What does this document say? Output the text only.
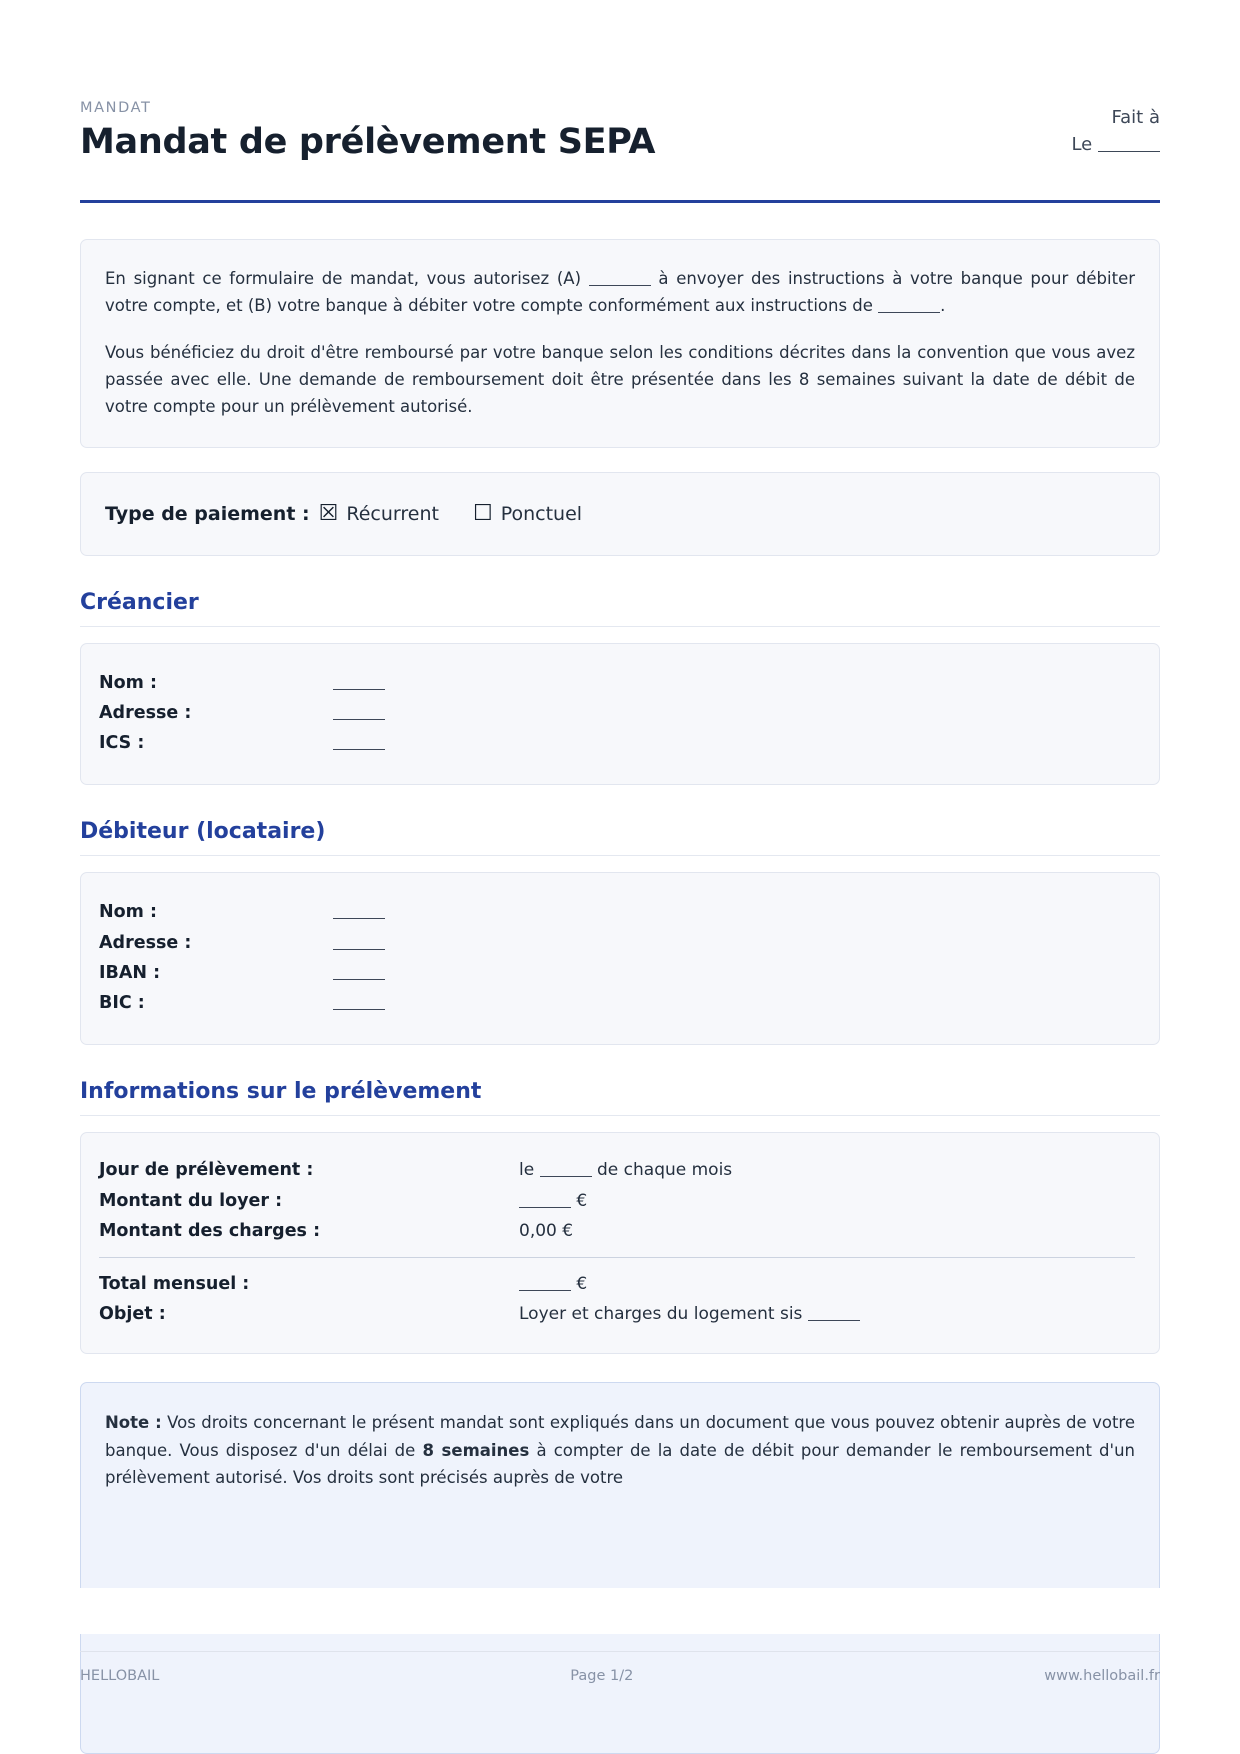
MANDAT
Mandat de prélèvement SEPA
Fait à
Le

En signant ce formulaire de mandat, vous autorisez (A)	à envoyer des instructions à votre banque pour débiter votre compte, et (B) votre banque à débiter votre compte conformément aux instructions de	.

Vous bénéficiez du droit d'être remboursé par votre banque selon les conditions décrites dans la convention que vous avez passée avec elle. Une demande de remboursement doit être présentée dans les 8 semaines suivant la date de débit de votre compte pour un prélèvement autorisé.

Type de paiement : ☒ Récurrent ☐ Ponctuel
Créancier
Nom :
Adresse :
ICS :
Débiteur (locataire)
Nom :
Adresse :
IBAN :
BIC :
Informations sur le prélèvement
Jour de prélèvement :	le	de chaque mois
Montant du loyer :	€
Montant des charges :	0,00 €
Total mensuel :	€
Objet :	Loyer et charges du logement sis

Note : Vos droits concernant le présent mandat sont expliqués dans un document que vous pouvez obtenir auprès de votre banque. Vous disposez d'un délai de 8 semaines à compter de la date de débit pour demander le remboursement d'un prélèvement autorisé. Vos droits sont précisés auprès de votre

HELLOBAIL	Page 1/2	www.hellobail.fr
